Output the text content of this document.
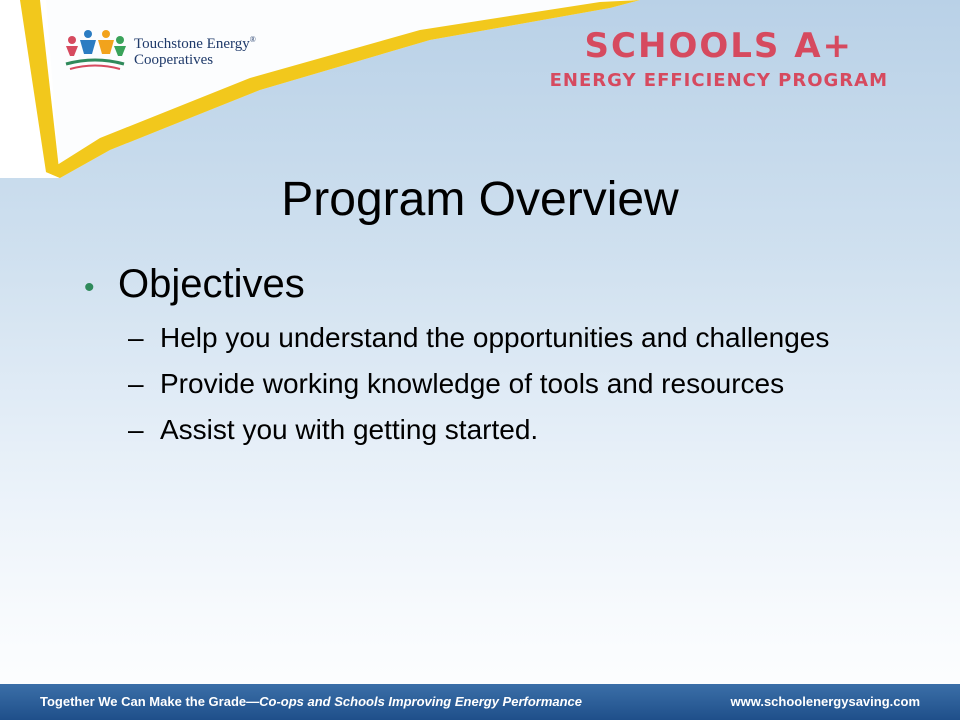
Touchstone Energy®
Cooperatives	SCHOOLS A+
ENERGY EFFICIENCY PROGRAM
Program Overview
• Objectives
– Help you understand the opportunities and challenges
– Provide working knowledge of tools and resources
– Assist you with getting started.
Together We Can Make the Grade—Co-ops and Schools Improving Energy Performance	www.schoolenergysaving.com
